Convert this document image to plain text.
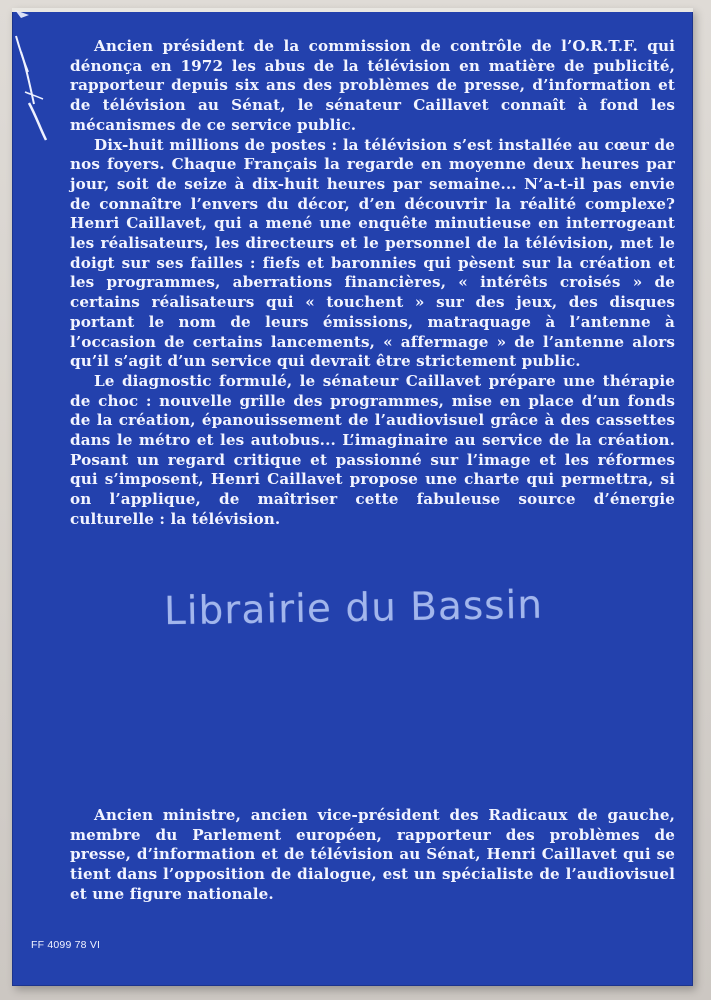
Ancien président de la commission de contrôle de l’O.R.T.F. qui dénonça en 1972 les abus de la télévision en matière de publicité, rapporteur depuis six ans des problèmes de presse, d’information et de télévision au Sénat, le sénateur Caillavet connaît à fond les mécanismes de ce service public.

Dix-huit millions de postes : la télévision s’est installée au cœur de nos foyers. Chaque Français la regarde en moyenne deux heures par jour, soit de seize à dix-huit heures par semaine... N’a-t-il pas envie de connaître l’envers du décor, d’en découvrir la réalité complexe? Henri Caillavet, qui a mené une enquête minutieuse en interrogeant les réalisateurs, les directeurs et le personnel de la télévision, met le doigt sur ses failles : fiefs et baronnies qui pèsent sur la création et les programmes, aberrations financières, « intérêts croisés » de certains réalisateurs qui « touchent » sur des jeux, des disques portant le nom de leurs émissions, matraquage à l’antenne à l’occasion de certains lancements, « affermage » de l’antenne alors qu’il s’agit d’un service qui devrait être strictement public.

Le diagnostic formulé, le sénateur Caillavet prépare une thérapie de choc : nouvelle grille des programmes, mise en place d’un fonds de la création, épanouissement de l’audiovisuel grâce à des cassettes dans le métro et les autobus... L’imaginaire au service de la création. Posant un regard critique et passionné sur l’image et les réformes qui s’imposent, Henri Caillavet propose une charte qui permettra, si on l’applique, de maîtriser cette fabuleuse source d’énergie culturelle : la télévision.

Ancien ministre, ancien vice-président des Radicaux de gauche, membre du Parlement européen, rapporteur des problèmes de presse, d’information et de télévision au Sénat, Henri Caillavet qui se tient dans l’opposition de dialogue, est un spécialiste de l’audiovisuel et une figure nationale.

Librairie du Bassin
FF 4099 78 VI
